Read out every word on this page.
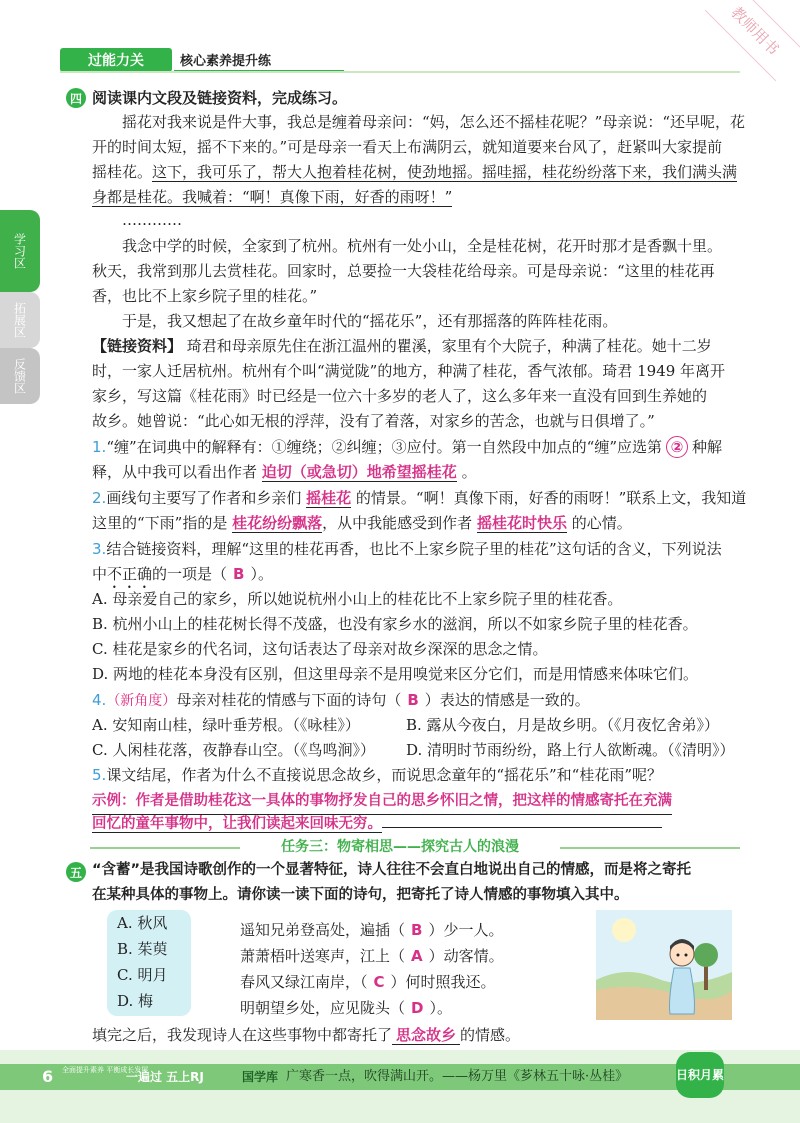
过能力关	核心素养提升练
教师用书
学习区
拓展区
反馈区
四 阅读课内文段及链接资料，完成练习。
摇花对我来说是件大事，我总是缠着母亲问：“妈，怎么还不摇桂花呢？”母亲说：“还早呢，花
开的时间太短，摇不下来的。”可是母亲一看天上布满阴云，就知道要来台风了，赶紧叫大家提前
摇桂花。这下，我可乐了，帮大人抱着桂花树，使劲地摇。摇哇摇，桂花纷纷落下来，我们满头满
身都是桂花。我喊着：“啊！真像下雨，好香的雨呀！”
…………
我念中学的时候，全家到了杭州。杭州有一处小山，全是桂花树，花开时那才是香飘十里。
秋天，我常到那儿去赏桂花。回家时，总要捡一大袋桂花给母亲。可是母亲说：“这里的桂花再
香，也比不上家乡院子里的桂花。”
于是，我又想起了在故乡童年时代的“摇花乐”，还有那摇落的阵阵桂花雨。
【链接资料】 琦君和母亲原先住在浙江温州的瞿溪，家里有个大院子，种满了桂花。她十二岁
时，一家人迁居杭州。杭州有个叫“满觉陇”的地方，种满了桂花，香气浓郁。琦君 1949 年离开
家乡，写这篇《桂花雨》时已经是一位六十多岁的老人了，这么多年来一直没有回到生养她的
故乡。她曾说：“此心如无根的浮萍，没有了着落，对家乡的苦念，也就与日俱增了。”
1.“缠”在词典中的解释有：①缠绕；②纠缠；③应付。第一自然段中加点的“缠”应选第 ② 种解
释，从中我可以看出作者 迫切（或急切）地希望摇桂花 。
2.画线句主要写了作者和乡亲们 摇桂花 的情景。“啊！真像下雨，好香的雨呀！”联系上文，我知道
这里的“下雨”指的是 桂花纷纷飘落，从中我能感受到作者 摇桂花时快乐 的心情。
3.结合链接资料，理解“这里的桂花再香，也比不上家乡院子里的桂花”这句话的含义，下列说法
中不正确的一项是（ B ）。
A. 母亲爱自己的家乡，所以她说杭州小山上的桂花比不上家乡院子里的桂花香。
B. 杭州小山上的桂花树长得不茂盛，也没有家乡水的滋润，所以不如家乡院子里的桂花香。
C. 桂花是家乡的代名词，这句话表达了母亲对故乡深深的思念之情。
D. 两地的桂花本身没有区别，但这里母亲不是用嗅觉来区分它们，而是用情感来体味它们。
4.（新角度）母亲对桂花的情感与下面的诗句（ B ）表达的情感是一致的。
A. 安知南山桂，绿叶垂芳根。（《咏桂》）	B. 露从今夜白，月是故乡明。（《月夜忆舍弟》）
C. 人闲桂花落，夜静春山空。（《鸟鸣涧》） D. 清明时节雨纷纷，路上行人欲断魂。（《清明》）
5.课文结尾，作者为什么不直接说思念故乡，而说思念童年的“摇花乐”和“桂花雨”呢？
示例：作者是借助桂花这一具体的事物抒发自己的思乡怀旧之情，把这样的情感寄托在充满
回忆的童年事物中，让我们读起来回味无穷。
任务三：物寄相思——探究古人的浪漫
五 “含蓄”是我国诗歌创作的一个显著特征，诗人往往不会直白地说出自己的情感，而是将之寄托
在某种具体的事物上。请你读一读下面的诗句，把寄托了诗人情感的事物填入其中。
A. 秋风
B. 茱萸
C. 明月
D. 梅
遥知兄弟登高处，遍插（ B ）少一人。
萧萧梧叶送寒声，江上（ A ）动客情。
春风又绿江南岸，（ C ）何时照我还。
明朝望乡处，应见陇头（ D ）。
填完之后，我发现诗人在这些事物中都寄托了 思念故乡 的情感。
6 全面提升素养 平衡成长发展
一遍过 五上RJ	国学库 广寒香一点，吹得满山开。——杨万里《芗林五十咏·丛桂》	日积月累
